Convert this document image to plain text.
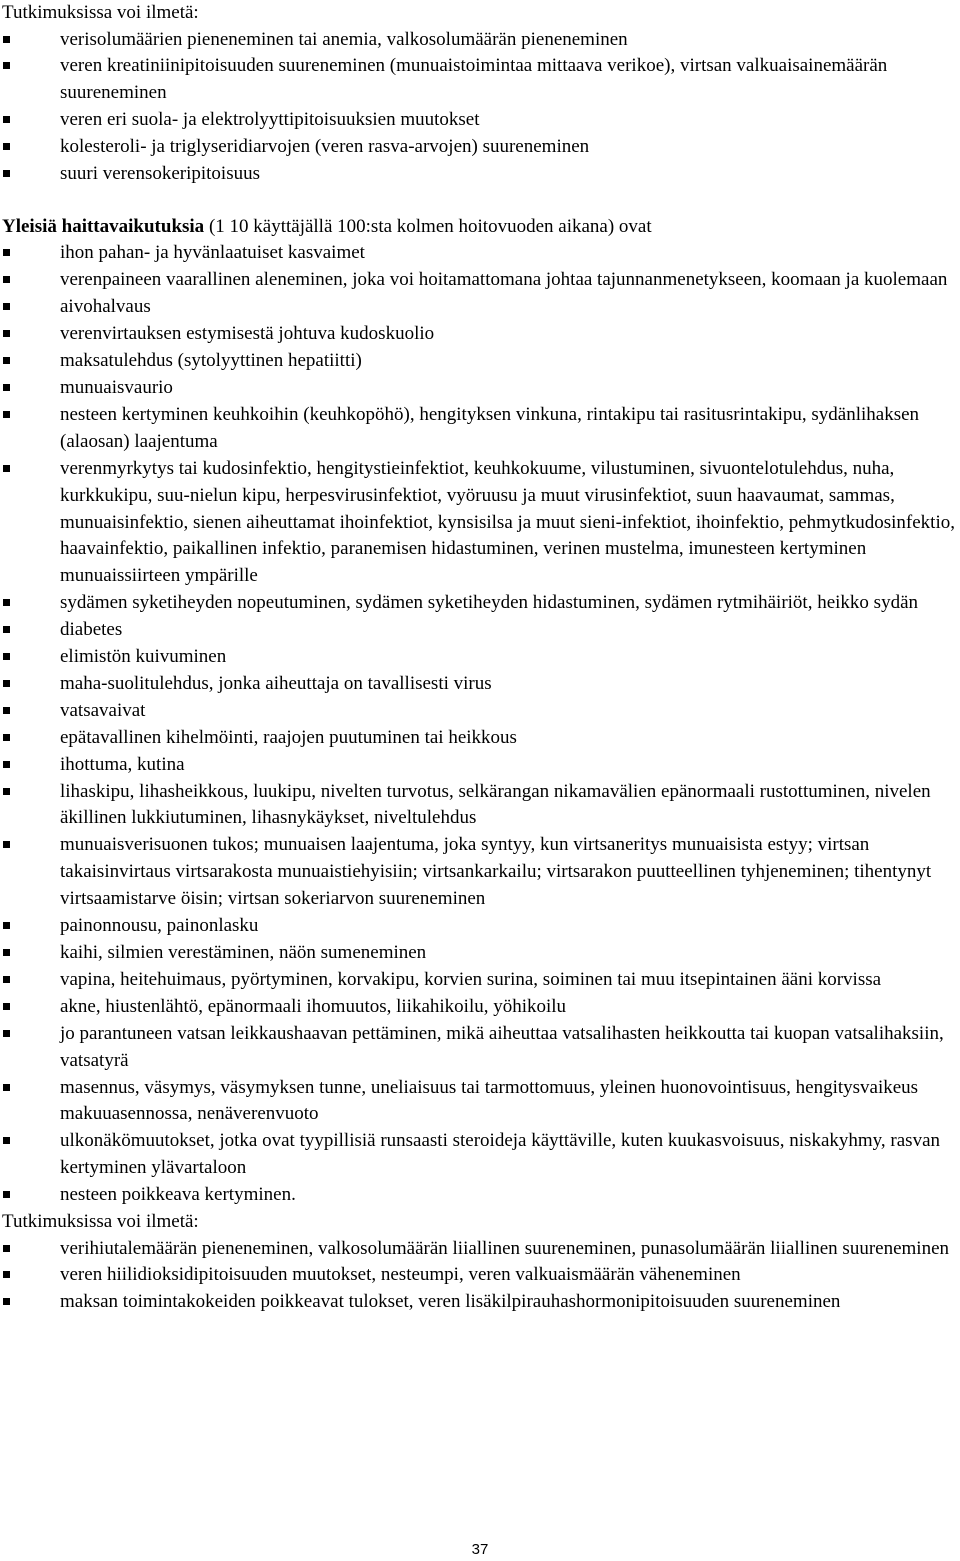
Tutkimuksissa voi ilmetä:

verisolumäärien pieneneminen tai anemia, valkosolumäärän pieneneminen
veren kreatiniinipitoisuuden suureneminen (munuaistoimintaa mittaava verikoe), virtsan valkuaisainemäärän suureneminen
veren eri suola- ja elektrolyyttipitoisuuksien muutokset
kolesteroli- ja triglyseridiarvojen (veren rasva-arvojen) suureneminen
suuri verensokeripitoisuus

Yleisiä haittavaikutuksia (1 10 käyttäjällä 100:sta kolmen hoitovuoden aikana) ovat

ihon pahan- ja hyvänlaatuiset kasvaimet
verenpaineen vaarallinen aleneminen, joka voi hoitamattomana johtaa tajunnanmenetykseen, koomaan ja kuolemaan
aivohalvaus
verenvirtauksen estymisestä johtuva kudoskuolio
maksatulehdus (sytolyyttinen hepatiitti)
munuaisvaurio
nesteen kertyminen keuhkoihin (keuhkopöhö), hengityksen vinkuna, rintakipu tai rasitusrintakipu, sydänlihaksen (alaosan) laajentuma
verenmyrkytys tai kudosinfektio, hengitystieinfektiot, keuhkokuume, vilustuminen, sivuontelotulehdus, nuha, kurkkukipu, suu-nielun kipu, herpesvirusinfektiot, vyöruusu ja muut virusinfektiot, suun haavaumat, sammas, munuaisinfektio, sienen aiheuttamat ihoinfektiot, kynsisilsa ja muut sieni-infektiot, ihoinfektio, pehmytkudosinfektio, haavainfektio, paikallinen infektio, paranemisen hidastuminen, verinen mustelma, imunesteen kertyminen munuaissiirteen ympärille
sydämen syketiheyden nopeutuminen, sydämen syketiheyden hidastuminen, sydämen rytmihäiriöt, heikko sydän
diabetes
elimistön kuivuminen
maha-suolitulehdus, jonka aiheuttaja on tavallisesti virus
vatsavaivat
epätavallinen kihelmöinti, raajojen puutuminen tai heikkous
ihottuma, kutina
lihaskipu, lihasheikkous, luukipu, nivelten turvotus, selkärangan nikamavälien epänormaali rustottuminen, nivelen äkillinen lukkiutuminen, lihasnykäykset, niveltulehdus
munuaisverisuonen tukos; munuaisen laajentuma, joka syntyy, kun virtsaneritys munuaisista estyy; virtsan takaisinvirtaus virtsarakosta munuaistiehyisiin; virtsankarkailu; virtsarakon puutteellinen tyhjeneminen; tihentynyt virtsaamistarve öisin; virtsan sokeriarvon suureneminen
painonnousu, painonlasku
kaihi, silmien verestäminen, näön sumeneminen
vapina, heitehuimaus, pyörtyminen, korvakipu, korvien surina, soiminen tai muu itsepintainen ääni korvissa
akne, hiustenlähtö, epänormaali ihomuutos, liikahikoilu, yöhikoilu
jo parantuneen vatsan leikkaushaavan pettäminen, mikä aiheuttaa vatsalihasten heikkoutta tai kuopan vatsalihaksiin, vatsatyrä
masennus, väsymys, väsymyksen tunne, uneliaisuus tai tarmottomuus, yleinen huonovointisuus, hengitysvaikeus makuuasennossa, nenäverenvuoto
ulkonäkömuutokset, jotka ovat tyypillisiä runsaasti steroideja käyttäville, kuten kuukasvoisuus, niskakyhmy, rasvan kertyminen ylävartaloon
nesteen poikkeava kertyminen.

Tutkimuksissa voi ilmetä:

verihiutalemäärän pieneneminen, valkosolumäärän liiallinen suureneminen, punasolumäärän liiallinen suureneminen
veren hiilidioksidipitoisuuden muutokset, nesteumpi, veren valkuaismäärän väheneminen
maksan toimintakokeiden poikkeavat tulokset, veren lisäkilpirauhashormonipitoisuuden suureneminen
37
